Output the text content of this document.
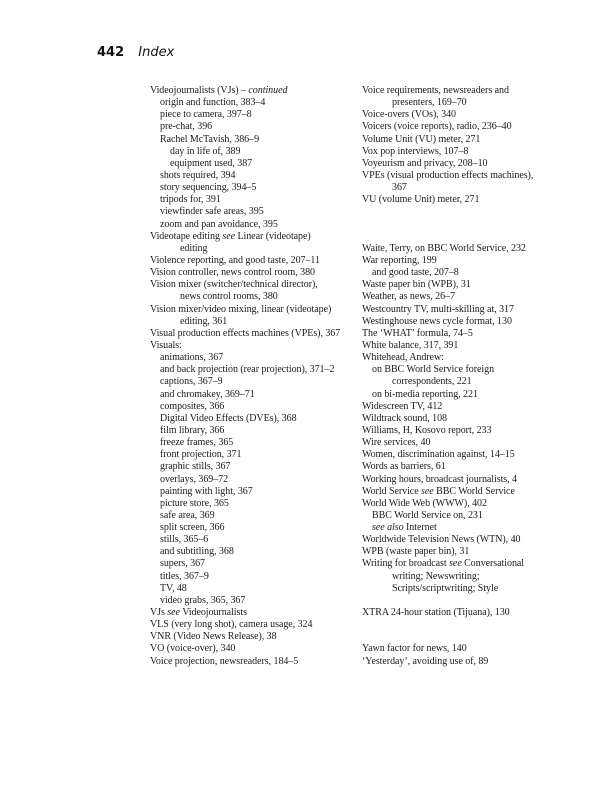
442 Index
Videojournalists (VJs) – continued
origin and function, 383–4
piece to camera, 397–8
pre-chat, 396
Rachel McTavish, 386–9
day in life of, 389
equipment used, 387
shots required, 394
story sequencing, 394–5
tripods for, 391
viewfinder safe areas, 395
zoom and pan avoidance, 395
Videotape editing see Linear (videotape)
editing
Violence reporting, and good taste, 207–11
Vision controller, news control room, 380
Vision mixer (switcher/technical director),
news control rooms, 380
Vision mixer/video mixing, linear (videotape)
editing, 361
Visual production effects machines (VPEs), 367
Visuals:
animations, 367
and back projection (rear projection), 371–2
captions, 367–9
and chromakey, 369–71
composites, 366
Digital Video Effects (DVEs), 368
film library, 366
freeze frames, 365
front projection, 371
graphic stills, 367
overlays, 369–72
painting with light, 367
picture store, 365
safe area, 369
split screen, 366
stills, 365–6
and subtitling, 368
supers, 367
titles, 367–9
TV, 48
video grabs, 365, 367
VJs see Videojournalists
VLS (very long shot), camera usage, 324
VNR (Video News Release), 38
VO (voice-over), 340
Voice projection, newsreaders, 184–5
Voice requirements, newsreaders and
presenters, 169–70
Voice-overs (VOs), 340
Voicers (voice reports), radio, 236–40
Volume Unit (VU) meter, 271
Vox pop interviews, 107–8
Voyeurism and privacy, 208–10
VPEs (visual production effects machines),
367
VU (volume Unit) meter, 271
Waite, Terry, on BBC World Service, 232
War reporting, 199
and good taste, 207–8
Waste paper bin (WPB), 31
Weather, as news, 26–7
Westcountry TV, multi-skilling at, 317
Westinghouse news cycle format, 130
The ‘WHAT’ formula, 74–5
White balance, 317, 391
Whitehead, Andrew:
on BBC World Service foreign
correspondents, 221
on bi-media reporting, 221
Widescreen TV, 412
Wildtrack sound, 108
Williams, H, Kosovo report, 233
Wire services, 40
Women, discrimination against, 14–15
Words as barriers, 61
Working hours, broadcast journalists, 4
World Service see BBC World Service
World Wide Web (WWW), 402
BBC World Service on, 231
see also Internet
Worldwide Television News (WTN), 40
WPB (waste paper bin), 31
Writing for broadcast see Conversational
writing; Newswriting;
Scripts/scriptwriting; Style
XTRA 24-hour station (Tijuana), 130
Yawn factor for news, 140
‘Yesterday’, avoiding use of, 89
